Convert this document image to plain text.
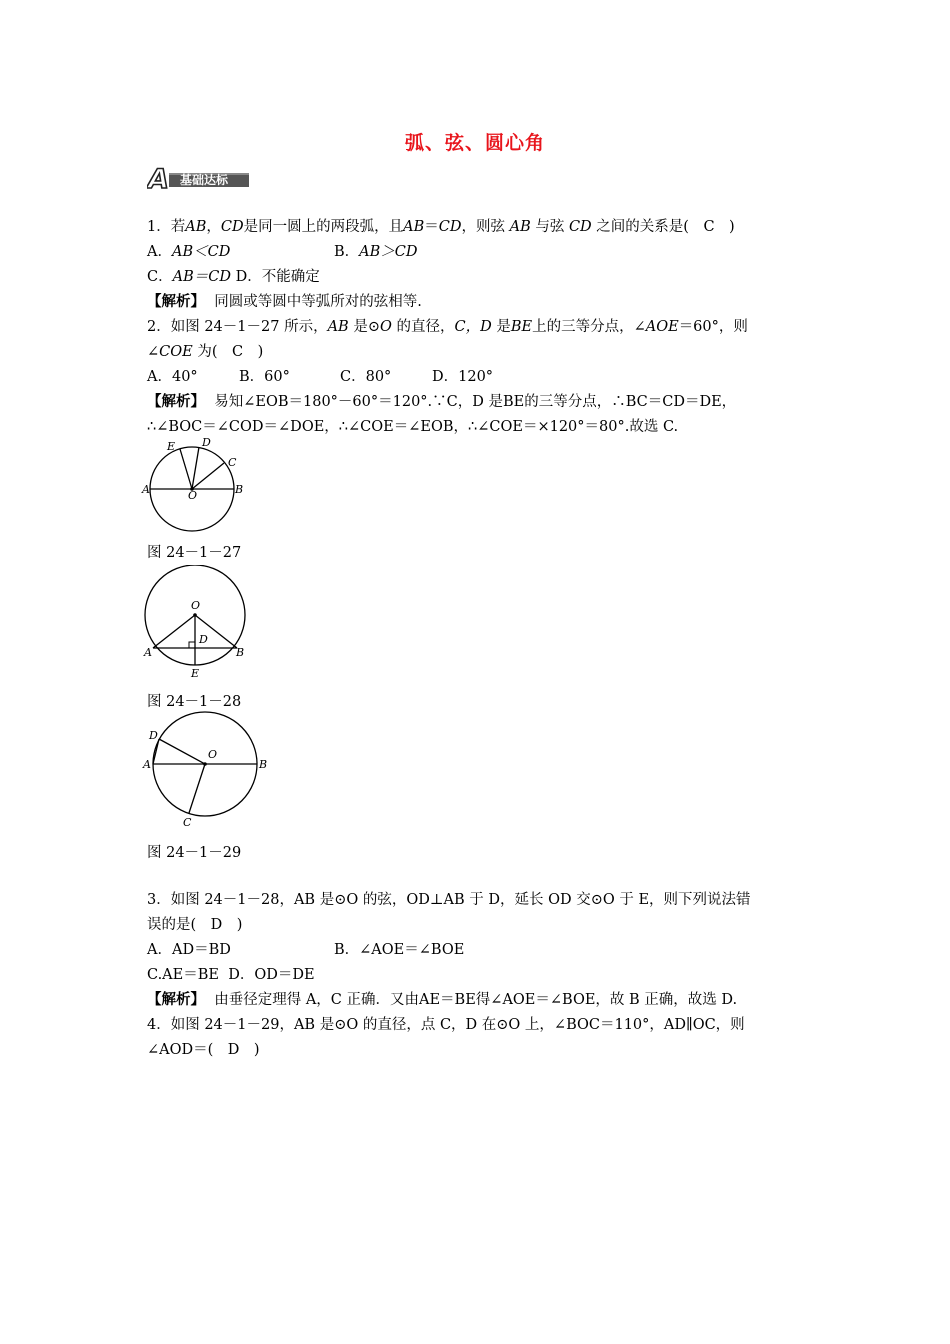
弧、弦、圆心角
A 基础达标
1．若AB，CD是同一圆上的两段弧，且AB＝CD，则弦 AB 与弦 CD 之间的关系是(　C　)
A．AB＜CD	B．AB＞CD
C．AB＝CD D．不能确定
【解析】 同圆或等圆中等弧所对的弦相等.
2．如图 24－1－27 所示，AB 是⊙O 的直径，C，D 是BE上的三等分点，∠AOE＝60°，则
∠COE 为(　C　)
A．40°	B．60°	C．80°	D．120°
【解析】 易知∠EOB＝180°－60°＝120°.∵C，D 是BE的三等分点，∴BC＝CD＝DE，
∴∠BOC＝∠COD＝∠DOE，∴∠COE＝∠EOB，∴∠COE＝×120°＝80°.故选 C.
A	B
C
D
E
O
图 24－1－27
O
D
A	B
E
图 24－1－28
D
O
A	B
C
图 24－1－29
3．如图 24－1－28，AB 是⊙O 的弦，OD⊥AB 于 D，延长 OD 交⊙O 于 E，则下列说法错
误的是(　D　)
A．AD＝BD	B．∠AOE＝∠BOE
C.AE＝BE D．OD＝DE
【解析】 由垂径定理得 A，C 正确．又由AE＝BE得∠AOE＝∠BOE，故 B 正确，故选 D.
4．如图 24－1－29，AB 是⊙O 的直径，点 C，D 在⊙O 上，∠BOC＝110°，AD∥OC，则
∠AOD＝(　D　)
